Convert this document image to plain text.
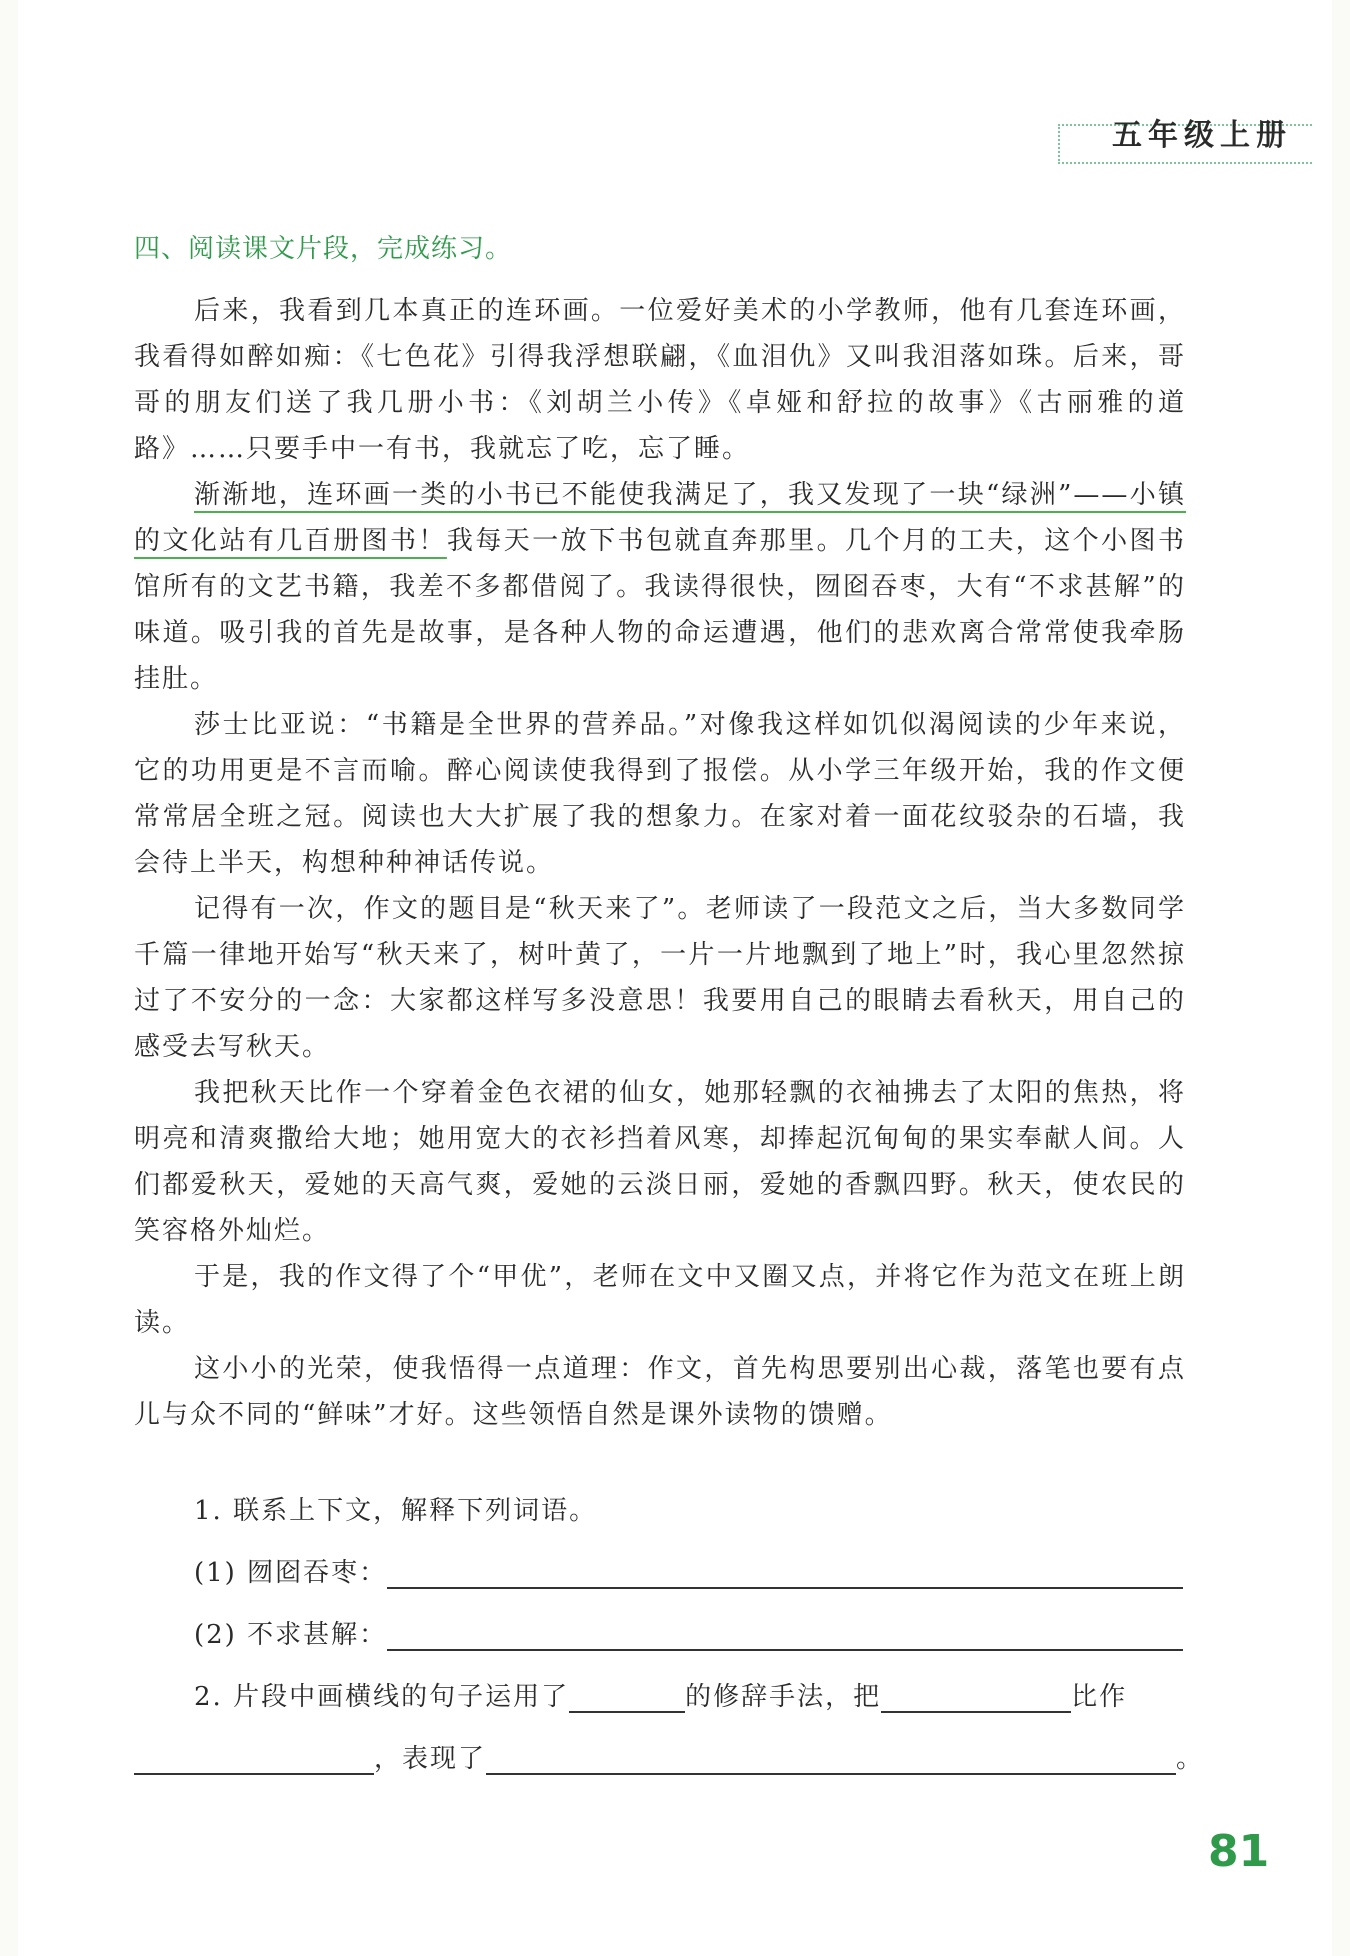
五年级上册
四、阅读课文片段，完成练习。

后来，我看到几本真正的连环画。一位爱好美术的小学教师，他有几套连环画，我看得如醉如痴：《七色花》引得我浮想联翩，《血泪仇》又叫我泪落如珠。后来，哥哥的朋友们送了我几册小书：《刘胡兰小传》《卓娅和舒拉的故事》《古丽雅的道路》……只要手中一有书，我就忘了吃，忘了睡。

渐渐地，连环画一类的小书已不能使我满足了，我又发现了一块“绿洲”——小镇的文化站有几百册图书！我每天一放下书包就直奔那里。几个月的工夫，这个小图书馆所有的文艺书籍，我差不多都借阅了。我读得很快，囫囵吞枣，大有“不求甚解”的味道。吸引我的首先是故事，是各种人物的命运遭遇，他们的悲欢离合常常使我牵肠挂肚。

莎士比亚说：“书籍是全世界的营养品。”对像我这样如饥似渴阅读的少年来说，它的功用更是不言而喻。醉心阅读使我得到了报偿。从小学三年级开始，我的作文便常常居全班之冠。阅读也大大扩展了我的想象力。在家对着一面花纹驳杂的石墙，我会待上半天，构想种种神话传说。

记得有一次，作文的题目是“秋天来了”。老师读了一段范文之后，当大多数同学千篇一律地开始写“秋天来了，树叶黄了，一片一片地飘到了地上”时，我心里忽然掠过了不安分的一念：大家都这样写多没意思！我要用自己的眼睛去看秋天，用自己的感受去写秋天。

我把秋天比作一个穿着金色衣裙的仙女，她那轻飘的衣袖拂去了太阳的焦热，将明亮和清爽撒给大地；她用宽大的衣衫挡着风寒，却捧起沉甸甸的果实奉献人间。人们都爱秋天，爱她的天高气爽，爱她的云淡日丽，爱她的香飘四野。秋天，使农民的笑容格外灿烂。

于是，我的作文得了个“甲优”，老师在文中又圈又点，并将它作为范文在班上朗读。

这小小的光荣，使我悟得一点道理：作文，首先构思要别出心裁，落笔也要有点儿与众不同的“鲜味”才好。这些领悟自然是课外读物的馈赠。

1. 联系上下文，解释下列词语。
(1) 囫囵吞枣：
(2) 不求甚解：
2. 片段中画横线的句子运用了	的修辞手法，把	比作
，表现了	。
81
